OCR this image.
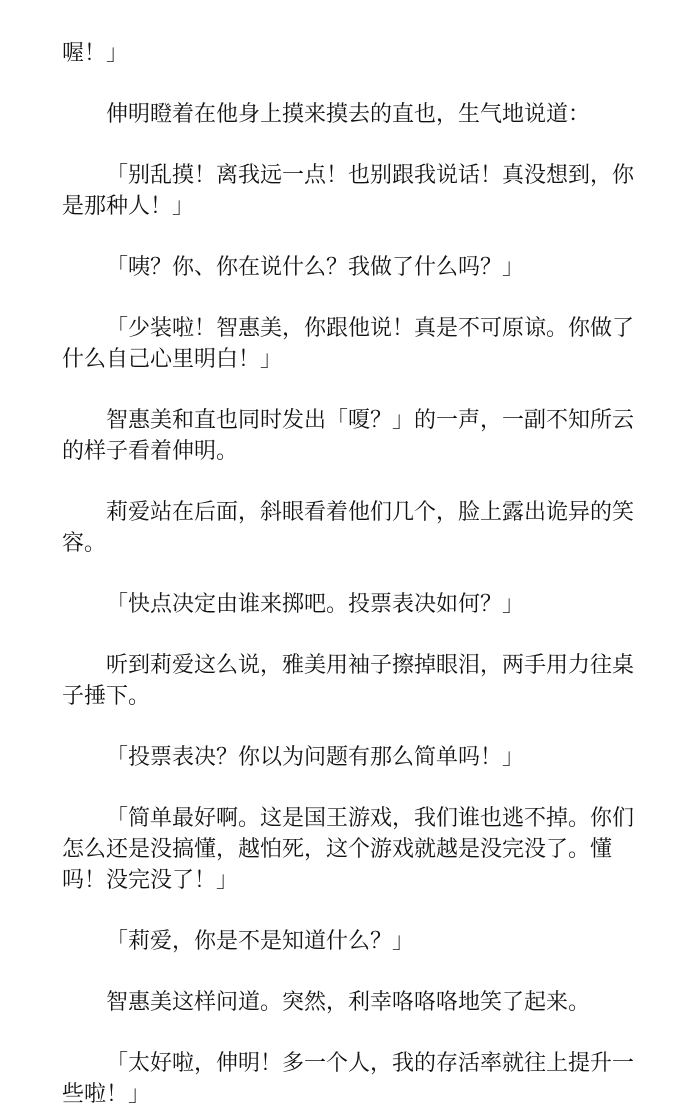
喔！」

伸明瞪着在他身上摸来摸去的直也，生气地说道：

「别乱摸！离我远一点！也别跟我说话！真没想到，你是那种人！」

「咦？你、你在说什么？我做了什么吗？」

「少装啦！智惠美，你跟他说！真是不可原谅。你做了什么自己心里明白！」

智惠美和直也同时发出「嗄？」的一声，一副不知所云的样子看着伸明。

莉爱站在后面，斜眼看着他们几个，脸上露出诡异的笑容。

「快点决定由谁来掷吧。投票表决如何？」

听到莉爱这么说，雅美用袖子擦掉眼泪，两手用力往桌子捶下。

「投票表决？你以为问题有那么简单吗！」

「简单最好啊。这是国王游戏，我们谁也逃不掉。你们怎么还是没搞懂，越怕死，这个游戏就越是没完没了。懂吗！没完没了！」

「莉爱，你是不是知道什么？」

智惠美这样问道。突然，利幸咯咯咯地笑了起来。

「太好啦，伸明！多一个人，我的存活率就往上提升一些啦！」
